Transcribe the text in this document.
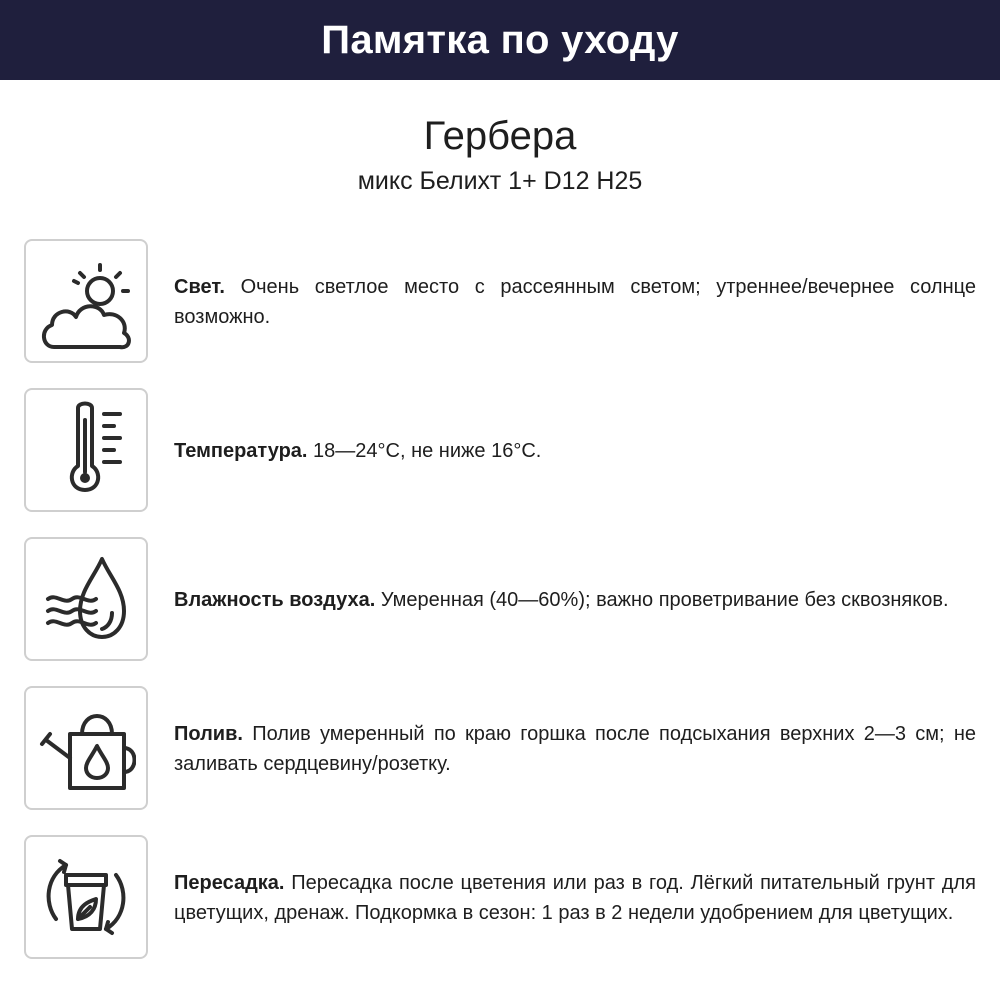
Памятка по уходу
Гербера
микс Белихт 1+ D12 H25
Свет. Очень светлое место с рассеянным светом; утреннее/вечернее солнце возможно.
Температура. 18—24°C, не ниже 16°C.
Влажность воздуха. Умеренная (40—60%); важно проветривание без сквозняков.
Полив. Полив умеренный по краю горшка после подсыхания верхних 2—3 см; не заливать сердцевину/розетку.
Пересадка. Пересадка после цветения или раз в год. Лёгкий питательный грунт для цветущих, дренаж. Подкормка в сезон: 1 раз в 2 недели удобрением для цветущих.
